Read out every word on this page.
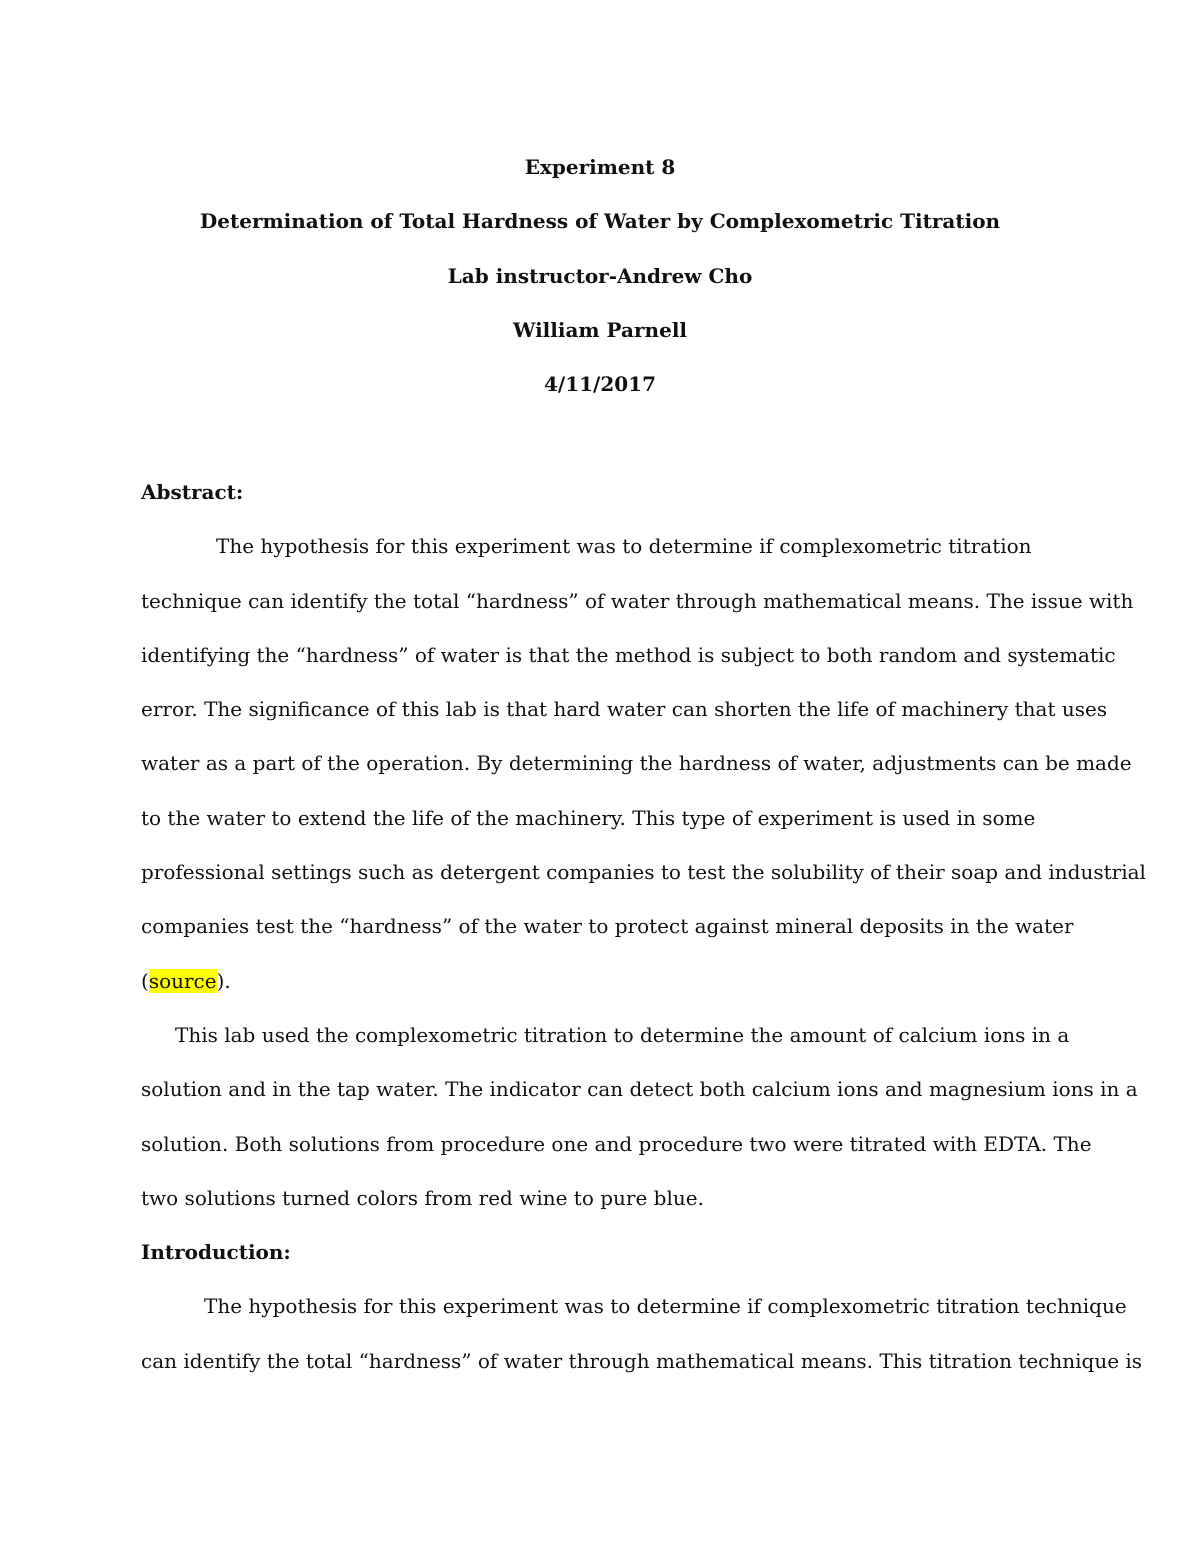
Experiment 8
Determination of Total Hardness of Water by Complexometric Titration
Lab instructor-Andrew Cho
William Parnell
4/11/2017
Abstract:
The hypothesis for this experiment was to determine if complexometric titration
technique can identify the total “hardness” of water through mathematical means. The issue with
identifying the “hardness” of water is that the method is subject to both random and systematic
error. The significance of this lab is that hard water can shorten the life of machinery that uses
water as a part of the operation. By determining the hardness of water, adjustments can be made
to the water to extend the life of the machinery. This type of experiment is used in some
professional settings such as detergent companies to test the solubility of their soap and industrial
companies test the “hardness” of the water to protect against mineral deposits in the water
(source).
This lab used the complexometric titration to determine the amount of calcium ions in a
solution and in the tap water. The indicator can detect both calcium ions and magnesium ions in a
solution. Both solutions from procedure one and procedure two were titrated with EDTA. The
two solutions turned colors from red wine to pure blue.
Introduction:
The hypothesis for this experiment was to determine if complexometric titration technique
can identify the total “hardness” of water through mathematical means. This titration technique is
